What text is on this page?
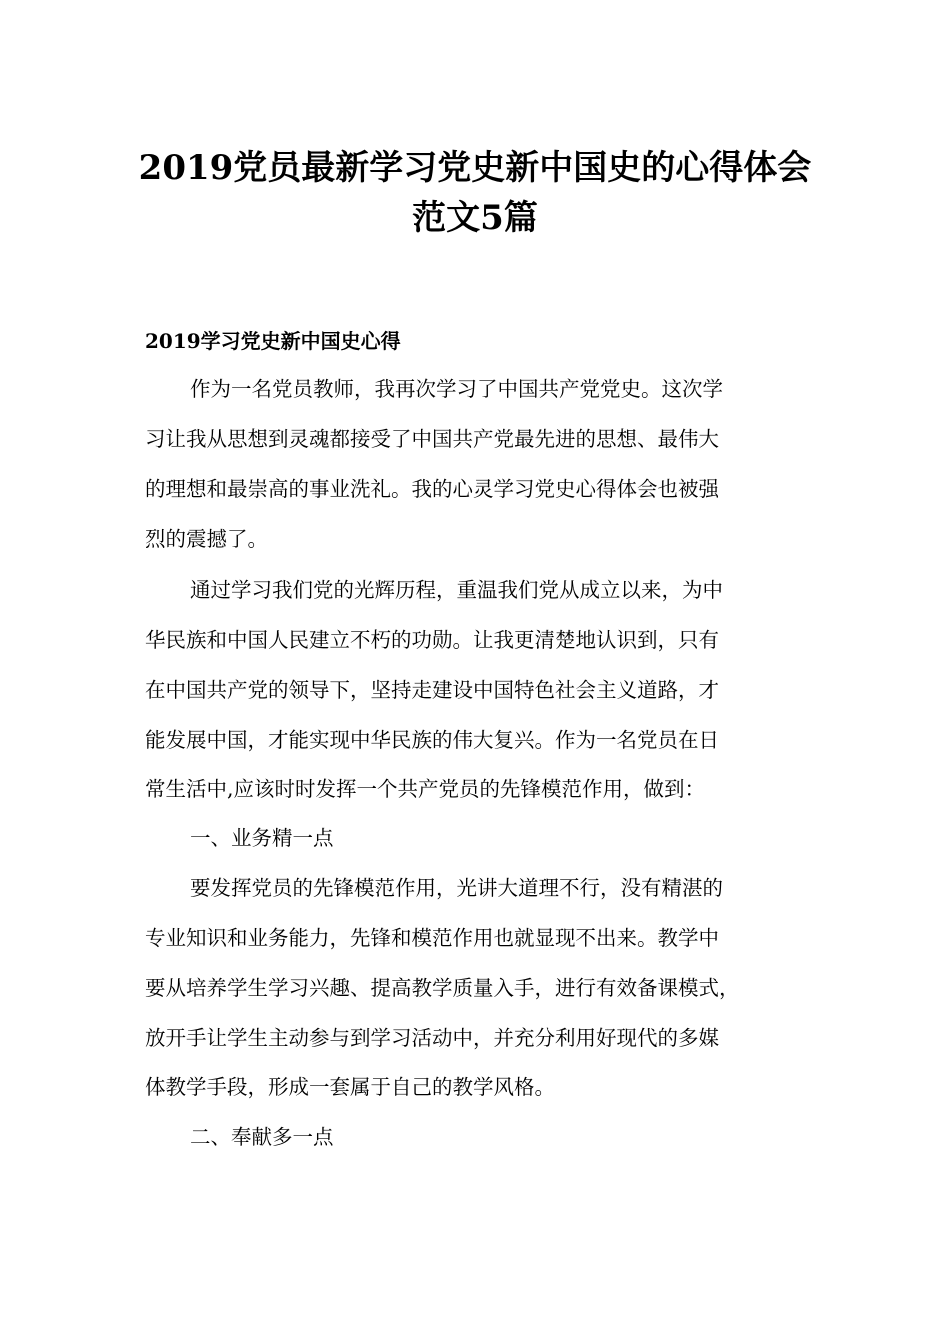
2019党员最新学习党史新中国史的心得体会
范文5篇
2019学习党史新中国史心得
作为一名党员教师，我再次学习了中国共产党党史。这次学
习让我从思想到灵魂都接受了中国共产党最先进的思想、最伟大
的理想和最崇高的事业洗礼。我的心灵学习党史心得体会也被强
烈的震撼了。
通过学习我们党的光辉历程，重温我们党从成立以来，为中
华民族和中国人民建立不朽的功勋。让我更清楚地认识到，只有
在中国共产党的领导下，坚持走建设中国特色社会主义道路，才
能发展中国，才能实现中华民族的伟大复兴。作为一名党员在日
常生活中,应该时时发挥一个共产党员的先锋模范作用，做到：
一、业务精一点
要发挥党员的先锋模范作用，光讲大道理不行，没有精湛的
专业知识和业务能力，先锋和模范作用也就显现不出来。教学中
要从培养学生学习兴趣、提高教学质量入手，进行有效备课模式，
放开手让学生主动参与到学习活动中，并充分利用好现代的多媒
体教学手段，形成一套属于自己的教学风格。
二、奉献多一点
